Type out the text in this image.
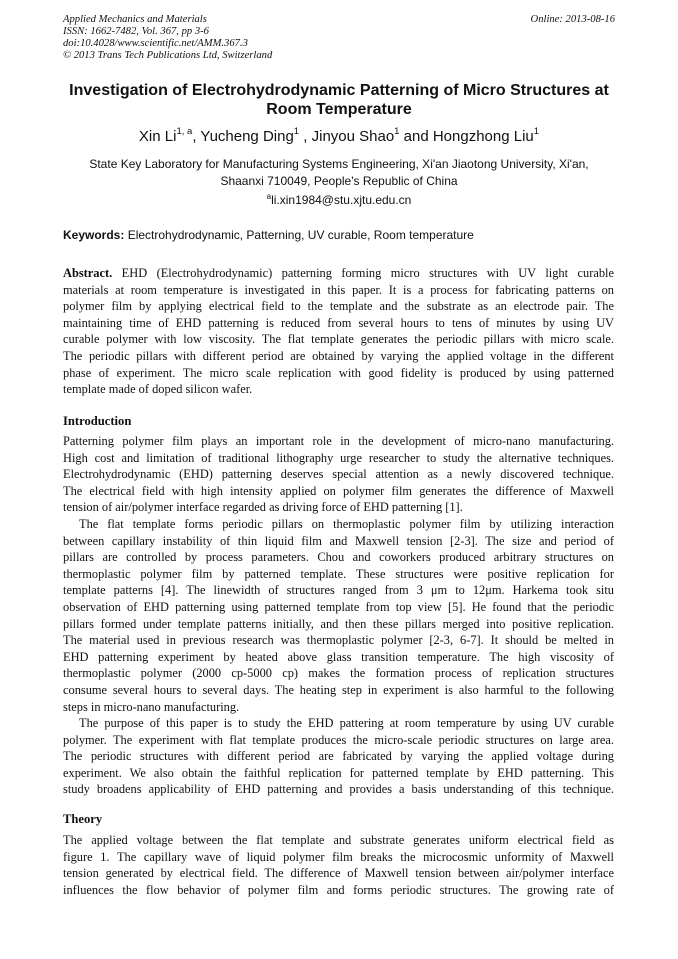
Applied Mechanics and Materials
ISSN: 1662-7482, Vol. 367, pp 3-6
doi:10.4028/www.scientific.net/AMM.367.3
© 2013 Trans Tech Publications Ltd, Switzerland
Online: 2013-08-16
Investigation of Electrohydrodynamic Patterning of Micro Structures at
Room Temperature
Xin Li$^{1, a}$, Yucheng Ding$^1$ , Jinyou Shao$^1$ and Hongzhong Liu$^1$
State Key Laboratory for Manufacturing Systems Engineering, Xi'an Jiaotong University, Xi'an,
Shaanxi 710049, People's Republic of China
$^a$li.xin1984@stu.xjtu.edu.cn
Keywords: Electrohydrodynamic, Patterning, UV curable, Room temperature
Abstract. EHD (Electrohydrodynamic) patterning forming micro structures with UV light curable
materials at room temperature is investigated in this paper. It is a process for fabricating patterns on
polymer film by applying electrical field to the template and the substrate as an electrode pair. The
maintaining time of EHD patterning is reduced from several hours to tens of minutes by using UV
curable polymer with low viscosity. The flat template generates the periodic pillars with micro scale.
The periodic pillars with different period are obtained by varying the applied voltage in the different
phase of experiment. The micro scale replication with good fidelity is produced by using patterned
template made of doped silicon wafer.
Introduction
Patterning polymer film plays an important role in the development of micro-nano manufacturing.
High cost and limitation of traditional lithography urge researcher to study the alternative techniques.
Electrohydrodynamic (EHD) patterning deserves special attention as a newly discovered technique.
The electrical field with high intensity applied on polymer film generates the difference of Maxwell
tension of air/polymer interface regarded as driving force of EHD patterning [1].
The flat template forms periodic pillars on thermoplastic polymer film by utilizing interaction
between capillary instability of thin liquid film and Maxwell tension [2-3]. The size and period of
pillars are controlled by process parameters. Chou and coworkers produced arbitrary structures on
thermoplastic polymer film by patterned template. These structures were positive replication for
template patterns [4]. The linewidth of structures ranged from 3 μm to 12μm. Harkema took situ
observation of EHD patterning using patterned template from top view [5]. He found that the periodic
pillars formed under template patterns initially, and then these pillars merged into positive replication.
The material used in previous research was thermoplastic polymer [2-3, 6-7]. It should be melted in
EHD patterning experiment by heated above glass transition temperature. The high viscosity of
thermoplastic polymer (2000 cp-5000 cp) makes the formation process of replication structures
consume several hours to several days. The heating step in experiment is also harmful to the following
steps in micro-nano manufacturing.
The purpose of this paper is to study the EHD pattering at room temperature by using UV curable
polymer. The experiment with flat template produces the micro-scale periodic structures on large area.
The periodic structures with different period are fabricated by varying the applied voltage during
experiment. We also obtain the faithful replication for patterned template by EHD patterning. This
study broadens applicability of EHD patterning and provides a basis understanding of this technique.
Theory
The applied voltage between the flat template and substrate generates uniform electrical field as
figure 1. The capillary wave of liquid polymer film breaks the microcosmic unformity of Maxwell
tension generated by electrical field. The difference of Maxwell tension between air/polymer interface
influences the flow behavior of polymer film and forms periodic structures. The growing rate of
